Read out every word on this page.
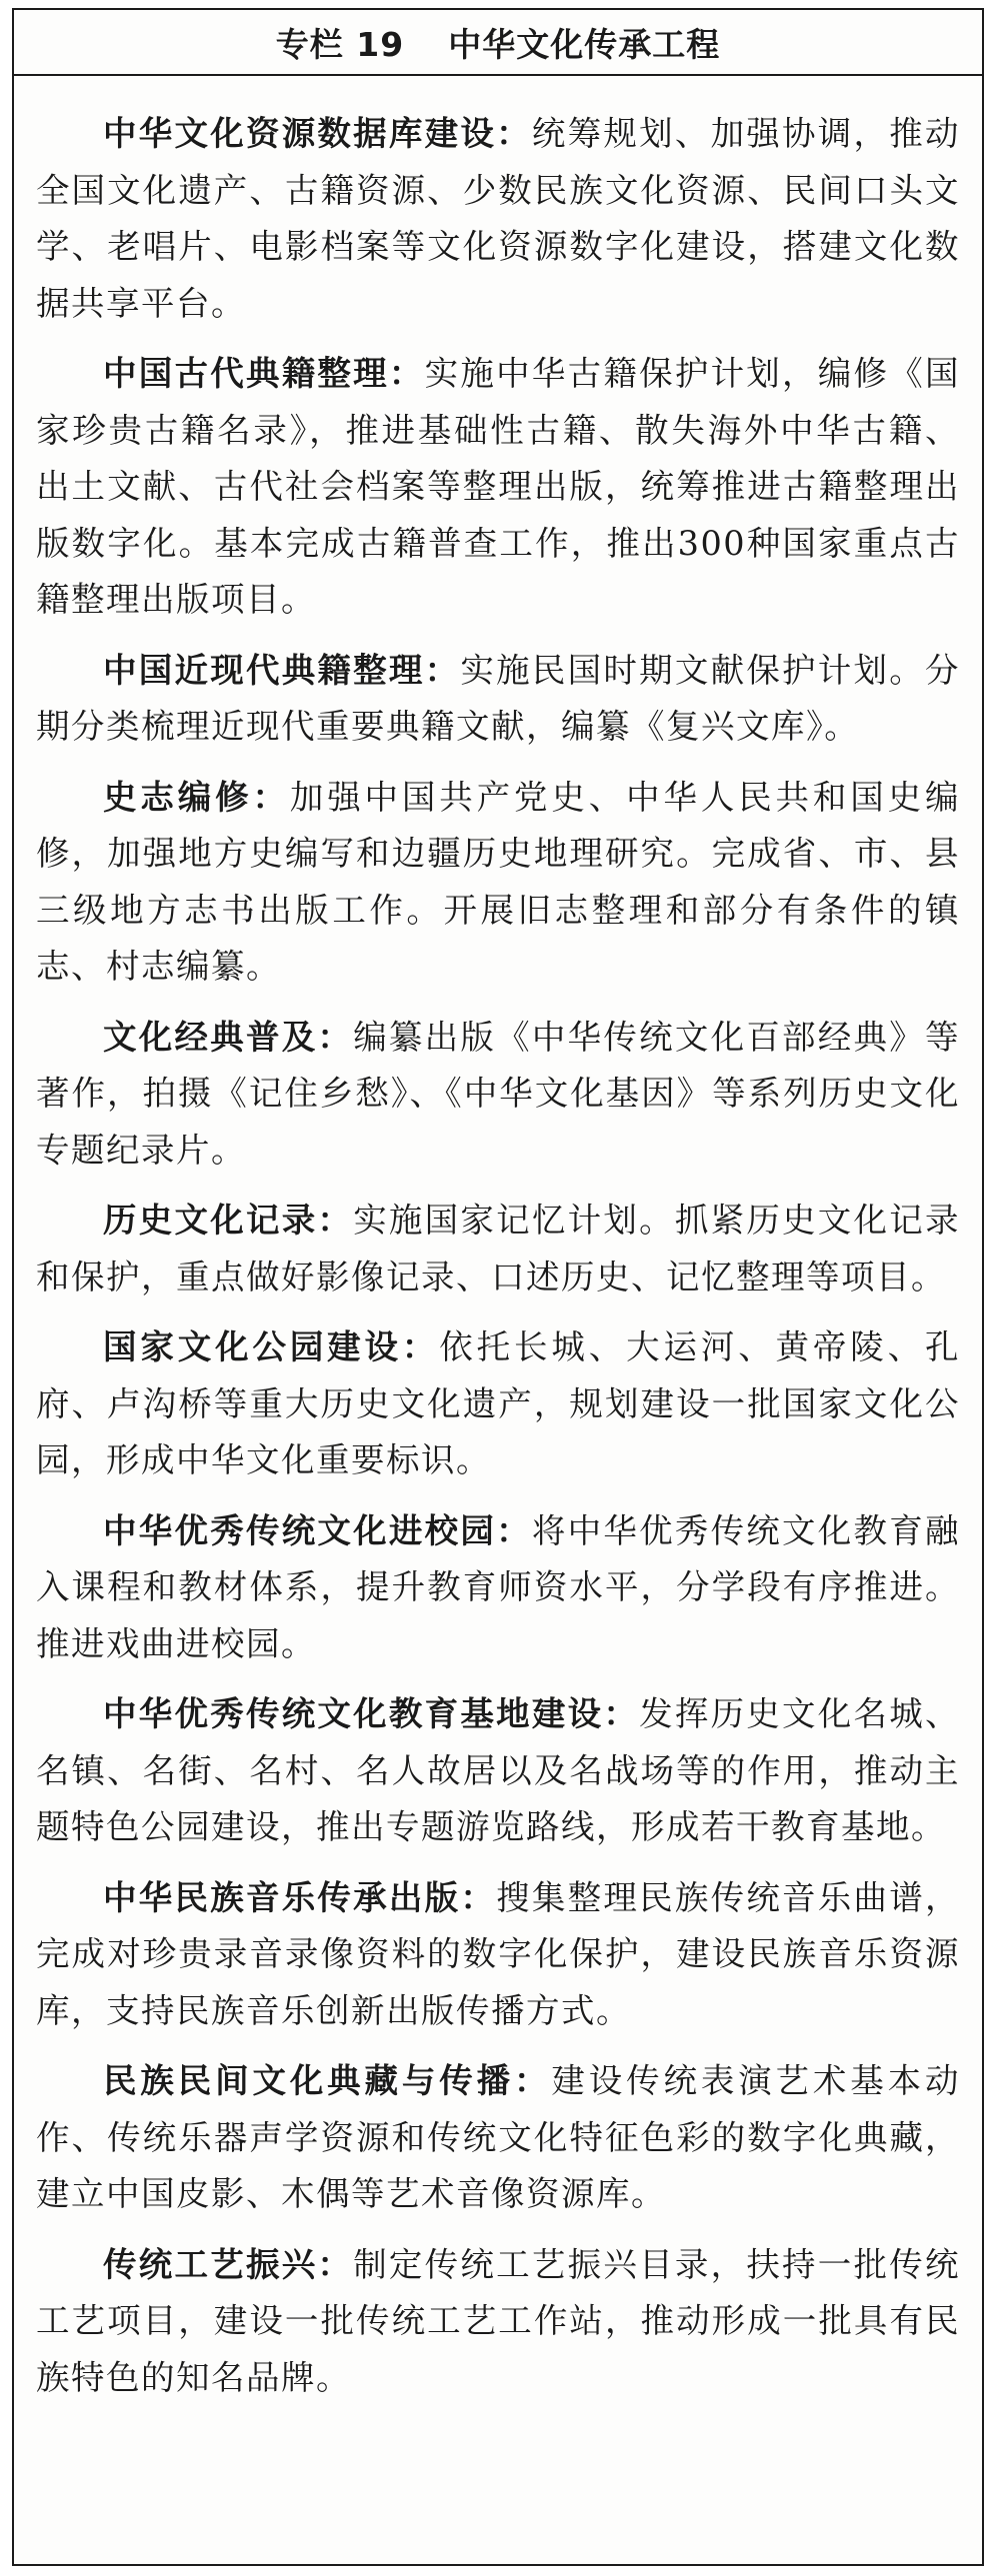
专栏 19 中华文化传承工程

中华文化资源数据库建设：统筹规划、加强协调，推动全国文化遗产、古籍资源、少数民族文化资源、民间口头文学、老唱片、电影档案等文化资源数字化建设，搭建文化数据共享平台。

中国古代典籍整理：实施中华古籍保护计划，编修《国家珍贵古籍名录》，推进基础性古籍、散失海外中华古籍、出土文献、古代社会档案等整理出版，统筹推进古籍整理出版数字化。基本完成古籍普查工作，推出300种国家重点古籍整理出版项目。

中国近现代典籍整理：实施民国时期文献保护计划。分期分类梳理近现代重要典籍文献，编纂《复兴文库》。

史志编修：加强中国共产党史、中华人民共和国史编修，加强地方史编写和边疆历史地理研究。完成省、市、县三级地方志书出版工作。开展旧志整理和部分有条件的镇志、村志编纂。

文化经典普及：编纂出版《中华传统文化百部经典》等著作，拍摄《记住乡愁》、《中华文化基因》等系列历史文化专题纪录片。

历史文化记录：实施国家记忆计划。抓紧历史文化记录和保护，重点做好影像记录、口述历史、记忆整理等项目。

国家文化公园建设：依托长城、大运河、黄帝陵、孔府、卢沟桥等重大历史文化遗产，规划建设一批国家文化公园，形成中华文化重要标识。

中华优秀传统文化进校园：将中华优秀传统文化教育融入课程和教材体系，提升教育师资水平，分学段有序推进。推进戏曲进校园。

中华优秀传统文化教育基地建设：发挥历史文化名城、名镇、名街、名村、名人故居以及名战场等的作用，推动主题特色公园建设，推出专题游览路线，形成若干教育基地。

中华民族音乐传承出版：搜集整理民族传统音乐曲谱，完成对珍贵录音录像资料的数字化保护，建设民族音乐资源库，支持民族音乐创新出版传播方式。

民族民间文化典藏与传播：建设传统表演艺术基本动作、传统乐器声学资源和传统文化特征色彩的数字化典藏，建立中国皮影、木偶等艺术音像资源库。

传统工艺振兴：制定传统工艺振兴目录，扶持一批传统工艺项目，建设一批传统工艺工作站，推动形成一批具有民族特色的知名品牌。
